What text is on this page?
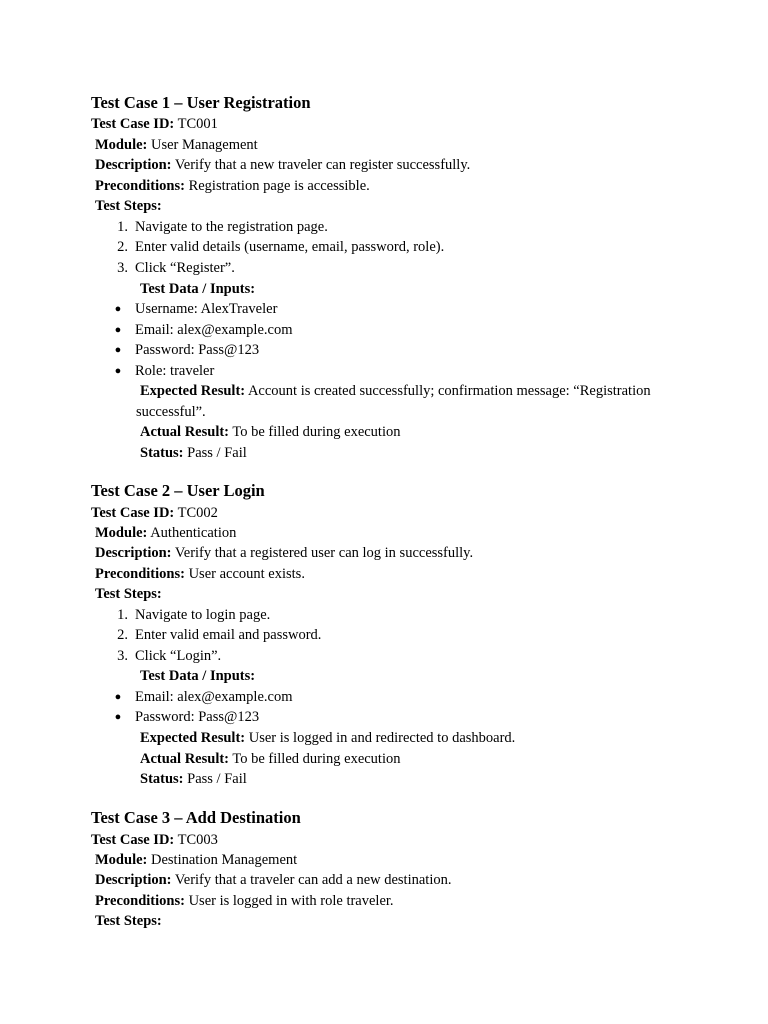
Test Case 1 – User Registration
Test Case ID: TC001
Module: User Management
Description: Verify that a new traveler can register successfully.
Preconditions: Registration page is accessible.
Test Steps:
1. Navigate to the registration page.
2. Enter valid details (username, email, password, role).
3. Click “Register”.
Test Data / Inputs:
● Username: AlexTraveler
● Email: alex@example.com
● Password: Pass@123
● Role: traveler
Expected Result: Account is created successfully; confirmation message: “Registration
successful”.
Actual Result: To be filled during execution
Status: Pass / Fail
Test Case 2 – User Login
Test Case ID: TC002
Module: Authentication
Description: Verify that a registered user can log in successfully.
Preconditions: User account exists.
Test Steps:
1. Navigate to login page.
2. Enter valid email and password.
3. Click “Login”.
Test Data / Inputs:
● Email: alex@example.com
● Password: Pass@123
Expected Result: User is logged in and redirected to dashboard.
Actual Result: To be filled during execution
Status: Pass / Fail
Test Case 3 – Add Destination
Test Case ID: TC003
Module: Destination Management
Description: Verify that a traveler can add a new destination.
Preconditions: User is logged in with role traveler.
Test Steps:
